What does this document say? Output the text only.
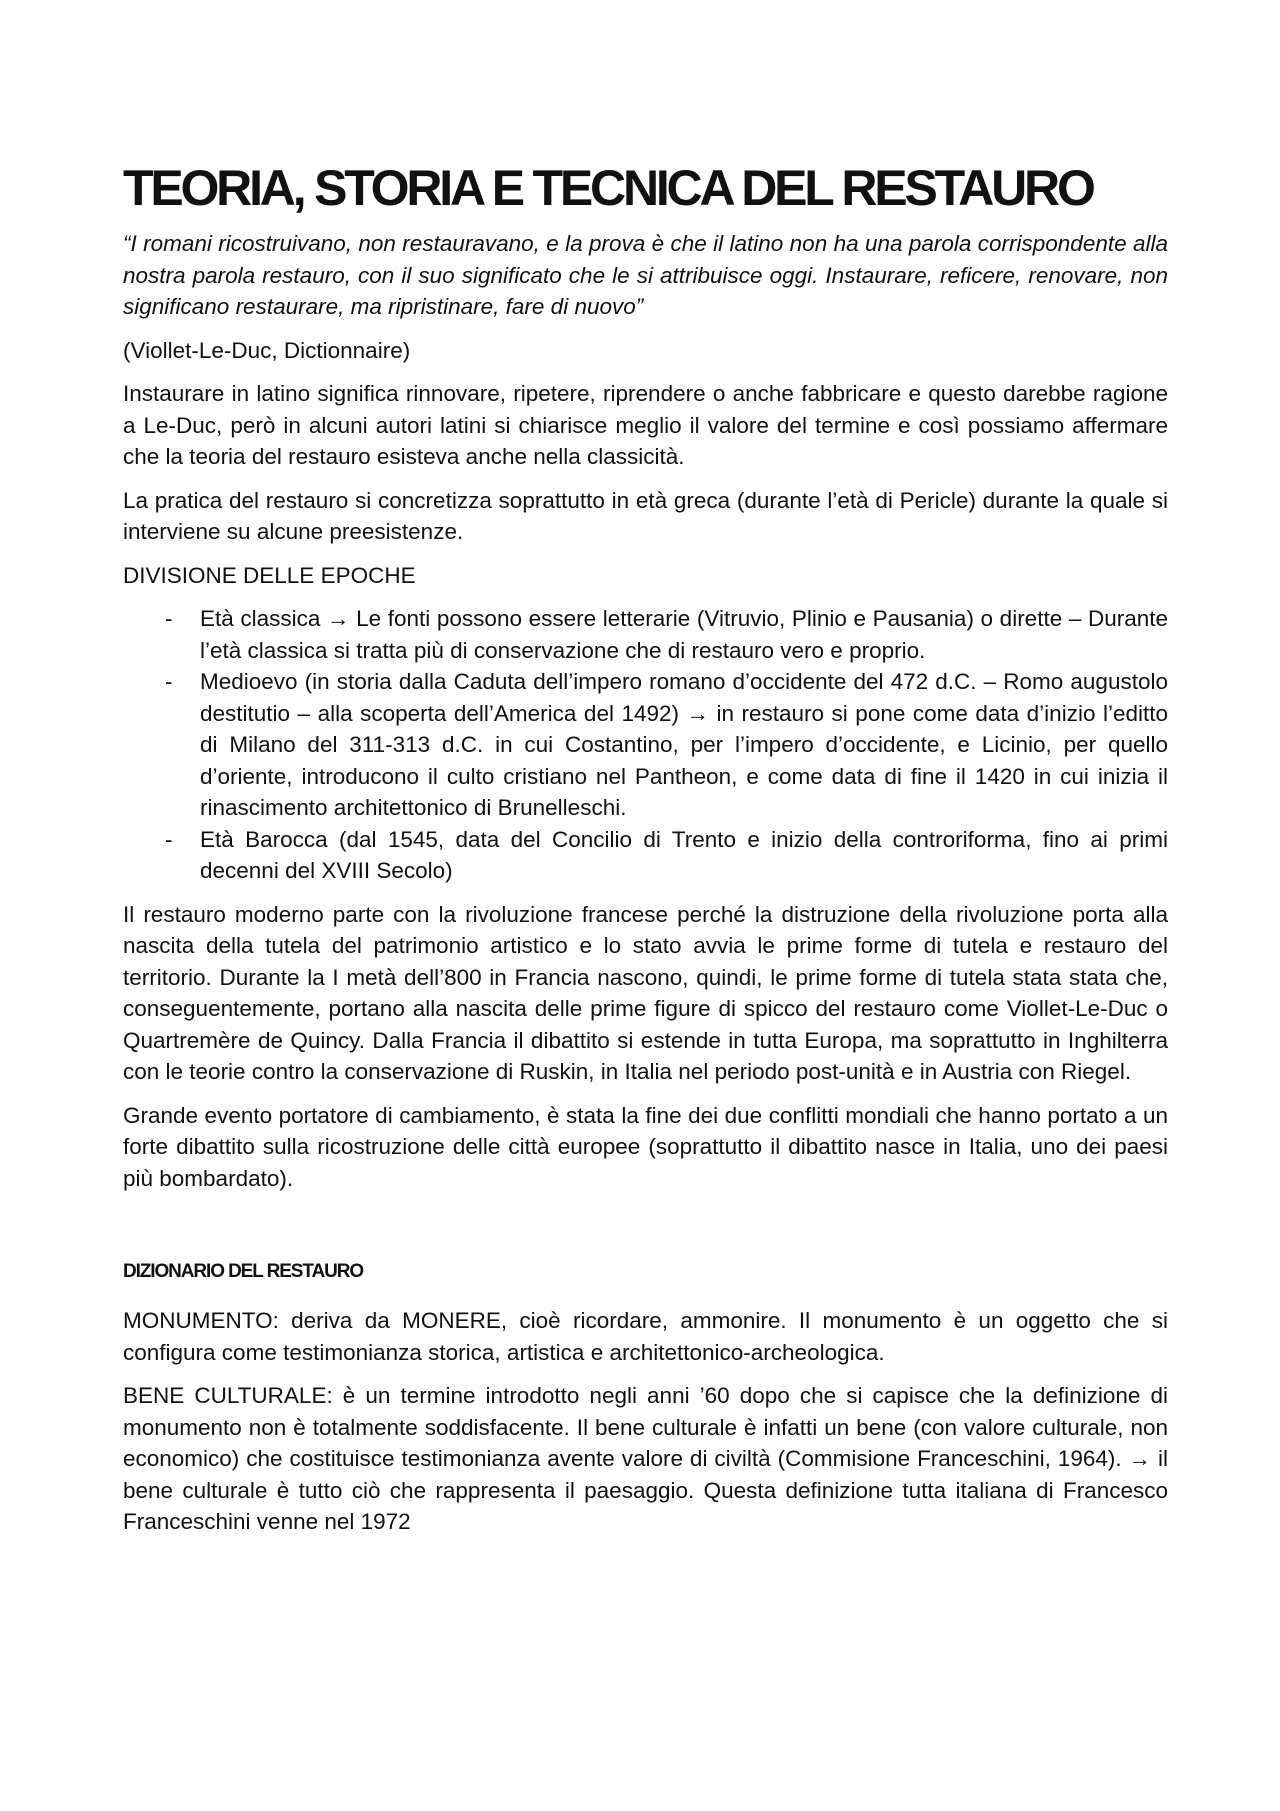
TEORIA, STORIA E TECNICA DEL RESTAURO

“I romani ricostruivano, non restauravano, e la prova è che il latino non ha una parola corrispondente alla nostra parola restauro, con il suo significato che le si attribuisce oggi. Instaurare, reficere, renovare, non significano restaurare, ma ripristinare, fare di nuovo”

(Viollet-Le-Duc, Dictionnaire)

Instaurare in latino significa rinnovare, ripetere, riprendere o anche fabbricare e questo darebbe ragione a Le-Duc, però in alcuni autori latini si chiarisce meglio il valore del termine e così possiamo affermare che la teoria del restauro esisteva anche nella classicità.

La pratica del restauro si concretizza soprattutto in età greca (durante l’età di Pericle) durante la quale si interviene su alcune preesistenze.

DIVISIONE DELLE EPOCHE

- Età classica → Le fonti possono essere letterarie (Vitruvio, Plinio e Pausania) o dirette – Durante l’età classica si tratta più di conservazione che di restauro vero e proprio.
- Medioevo (in storia dalla Caduta dell’impero romano d’occidente del 472 d.C. – Romo augustolo destitutio – alla scoperta dell’America del 1492) → in restauro si pone come data d’inizio l’editto di Milano del 311-313 d.C. in cui Costantino, per l’impero d’occidente, e Licinio, per quello d’oriente, introducono il culto cristiano nel Pantheon, e come data di fine il 1420 in cui inizia il rinascimento architettonico di Brunelleschi.
- Età Barocca (dal 1545, data del Concilio di Trento e inizio della controriforma, fino ai primi decenni del XVIII Secolo)

Il restauro moderno parte con la rivoluzione francese perché la distruzione della rivoluzione porta alla nascita della tutela del patrimonio artistico e lo stato avvia le prime forme di tutela e restauro del territorio. Durante la I metà dell’800 in Francia nascono, quindi, le prime forme di tutela stata stata che, conseguentemente, portano alla nascita delle prime figure di spicco del restauro come Viollet-Le-Duc o Quartremère de Quincy. Dalla Francia il dibattito si estende in tutta Europa, ma soprattutto in Inghilterra con le teorie contro la conservazione di Ruskin, in Italia nel periodo post-unità e in Austria con Riegel.

Grande evento portatore di cambiamento, è stata la fine dei due conflitti mondiali che hanno portato a un forte dibattito sulla ricostruzione delle città europee (soprattutto il dibattito nasce in Italia, uno dei paesi più bombardato).

DIZIONARIO DEL RESTAURO

MONUMENTO: deriva da MONERE, cioè ricordare, ammonire. Il monumento è un oggetto che si configura come testimonianza storica, artistica e architettonico-archeologica.

BENE CULTURALE: è un termine introdotto negli anni ’60 dopo che si capisce che la definizione di monumento non è totalmente soddisfacente. Il bene culturale è infatti un bene (con valore culturale, non economico) che costituisce testimonianza avente valore di civiltà (Commisione Franceschini, 1964). → il bene culturale è tutto ciò che rappresenta il paesaggio. Questa definizione tutta italiana di Francesco Franceschini venne nel 1972
